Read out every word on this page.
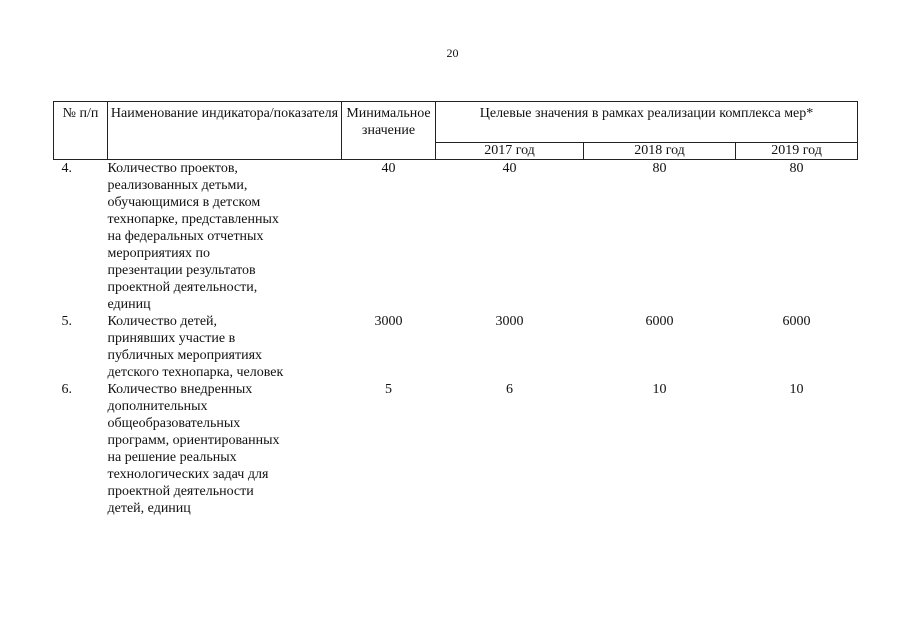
20
№ п/п	Наименование индикатора/показателя	Минимальное значение	Целевые значения в рамках реализации комплекса мер*		

			2017 год	2018 год	2019 год
4.	Количество проектов, реализованных детьми, обучающимися в детском технопарке, представленных на федеральных отчетных мероприятиях по презентации результатов проектной деятельности, единиц	40	40	80	80
5.	Количество детей, принявших участие в публичных мероприятиях детского технопарка, человек	3000	3000	6000	6000
6.	Количество внедренных дополнительных общеобразовательных программ, ориентированных на решение реальных технологических задач для проектной деятельности детей, единиц	5	6	10	10
